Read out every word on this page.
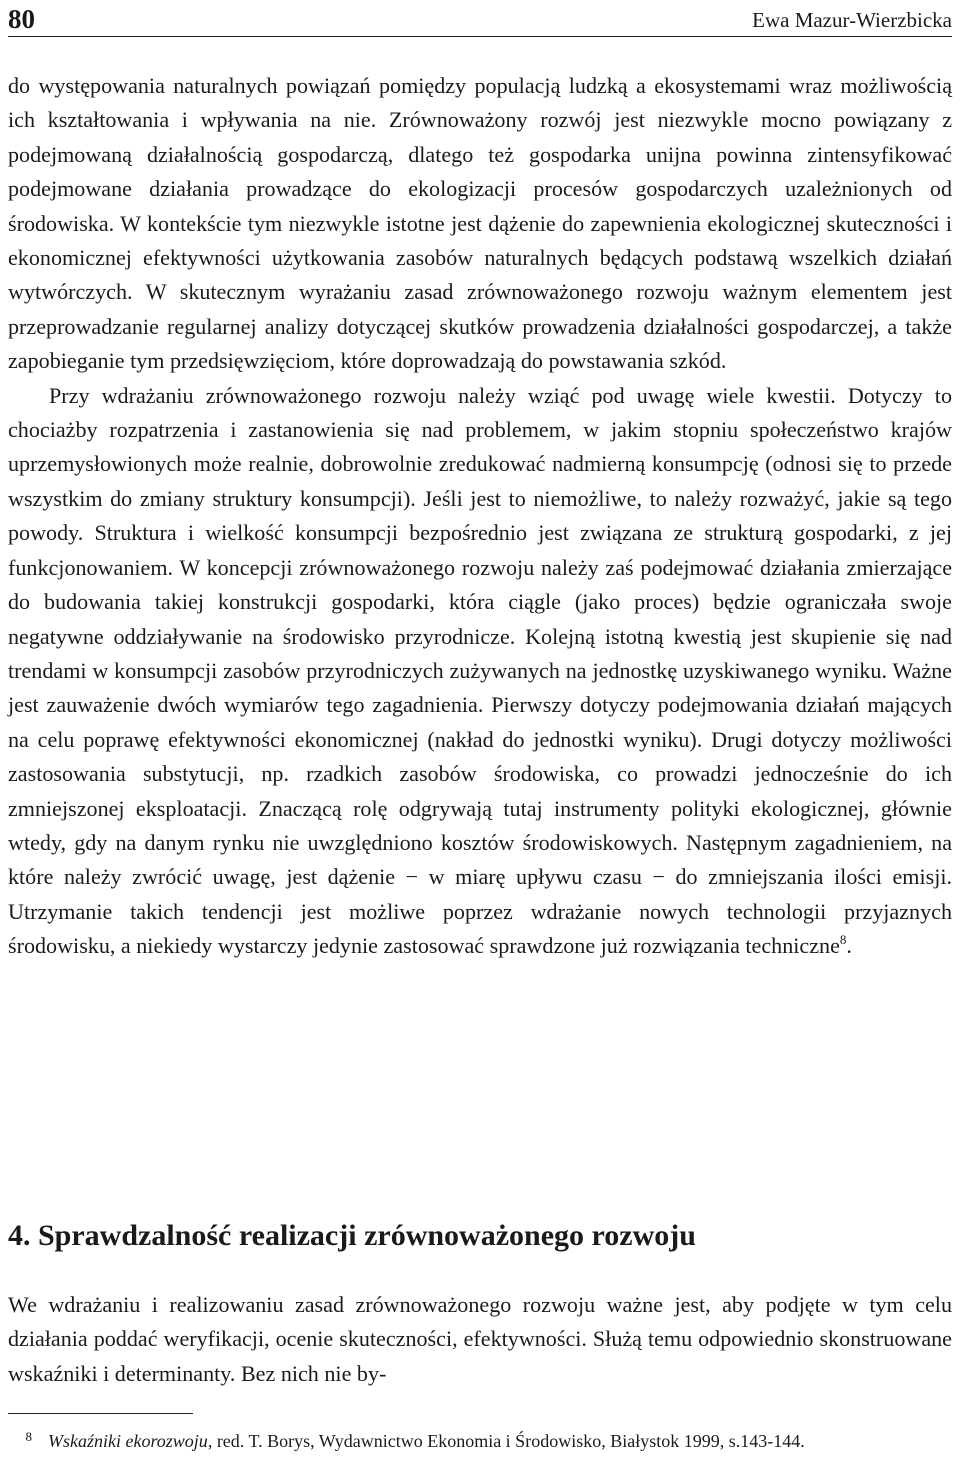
80	Ewa Mazur-Wierzbicka

do występowania naturalnych powiązań pomiędzy populacją ludzką a ekosystemami wraz możliwością ich kształtowania i wpływania na nie. Zrównoważony rozwój jest niezwykle mocno powiązany z podejmowaną działalnością gospodarczą, dlatego też gospodarka unijna powinna zintensyfikować podejmowane działania prowadzące do ekologizacji procesów gospodarczych uzależnionych od środowiska. W kontekście tym niezwykle istotne jest dążenie do zapewnienia ekologicznej skuteczności i ekonomicznej efektywności użytkowania zasobów naturalnych będących podstawą wszelkich działań wytwórczych. W skutecznym wyrażaniu zasad zrównoważonego rozwoju ważnym elementem jest przeprowadzanie regularnej analizy dotyczącej skutków prowadzenia działalności gospodarczej, a także zapobieganie tym przedsięwzięciom, które doprowadzają do powstawania szkód.

Przy wdrażaniu zrównoważonego rozwoju należy wziąć pod uwagę wiele kwestii. Dotyczy to chociażby rozpatrzenia i zastanowienia się nad problemem, w jakim stopniu społeczeństwo krajów uprzemysłowionych może realnie, dobrowolnie zredukować nadmierną konsumpcję (odnosi się to przede wszystkim do zmiany struktury konsumpcji). Jeśli jest to niemożliwe, to należy rozważyć, jakie są tego powody. Struktura i wielkość konsumpcji bezpośrednio jest związana ze strukturą gospodarki, z jej funkcjonowaniem. W koncepcji zrównoważonego rozwoju należy zaś podejmować działania zmierzające do budowania takiej konstrukcji gospodarki, która ciągle (jako proces) będzie ograniczała swoje negatywne oddziaływanie na środowisko przyrodnicze. Kolejną istotną kwestią jest skupienie się nad trendami w konsumpcji zasobów przyrodniczych zużywanych na jednostkę uzyskiwanego wyniku. Ważne jest zauważenie dwóch wymiarów tego zagadnienia. Pierwszy dotyczy podejmowania działań mających na celu poprawę efektywności ekonomicznej (nakład do jednostki wyniku). Drugi dotyczy możliwości zastosowania substytucji, np. rzadkich zasobów środowiska, co prowadzi jednocześnie do ich zmniejszonej eksploatacji. Znaczącą rolę odgrywają tutaj instrumenty polityki ekologicznej, głównie wtedy, gdy na danym rynku nie uwzględniono kosztów środowiskowych. Następnym zagadnieniem, na które należy zwrócić uwagę, jest dążenie − w miarę upływu czasu − do zmniejszania ilości emisji. Utrzymanie takich tendencji jest możliwe poprzez wdrażanie nowych technologii przyjaznych środowisku, a niekiedy wystarczy jedynie zastosować sprawdzone już rozwiązania techniczne$^8$.

4. Sprawdzalność realizacji zrównoważonego rozwoju
We wdrażaniu i realizowaniu zasad zrównoważonego rozwoju ważne jest, aby podjęte w tym celu działania poddać weryfikacji, ocenie skuteczności, efektywności. Służą temu odpowiednio skonstruowane wskaźniki i determinanty. Bez nich nie by-
8 Wskaźniki ekorozwoju, red. T. Borys, Wydawnictwo Ekonomia i Środowisko, Białystok 1999, s.143-144.
